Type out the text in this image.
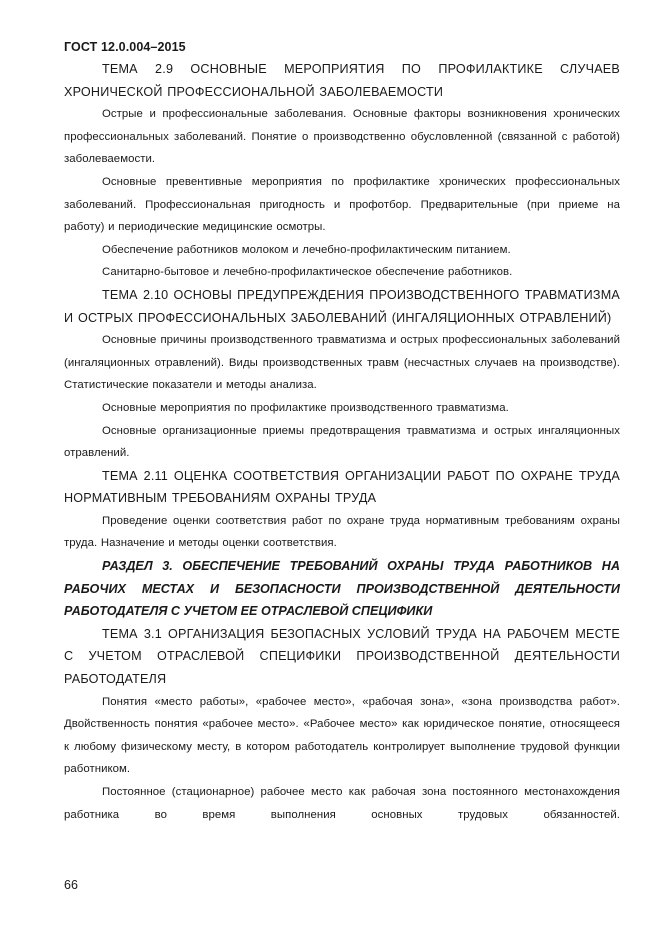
ГОСТ 12.0.004–2015

ТЕМА 2.9 ОСНОВНЫЕ МЕРОПРИЯТИЯ ПО ПРОФИЛАКТИКЕ СЛУЧАЕВ ХРОНИЧЕСКОЙ ПРОФЕССИОНАЛЬНОЙ ЗАБОЛЕВАЕМОСТИ

Острые и профессиональные заболевания. Основные факторы возникновения хронических профессиональных заболеваний. Понятие о производственно обусловленной (связанной с работой) заболеваемости.

Основные превентивные мероприятия по профилактике хронических профессиональных заболеваний. Профессиональная пригодность и профотбор. Предварительные (при приеме на работу) и периодические медицинские осмотры.

Обеспечение работников молоком и лечебно-профилактическим питанием.

Санитарно-бытовое и лечебно-профилактическое обеспечение работников.

ТЕМА 2.10 ОСНОВЫ ПРЕДУПРЕЖДЕНИЯ ПРОИЗВОДСТВЕННОГО ТРАВМАТИЗМА И ОСТРЫХ ПРОФЕССИОНАЛЬНЫХ ЗАБОЛЕВАНИЙ (ИНГАЛЯЦИОННЫХ ОТРАВЛЕНИЙ)

Основные причины производственного травматизма и острых профессиональных заболеваний (ингаляционных отравлений). Виды производственных травм (несчастных случаев на производстве). Статистические показатели и методы анализа.

Основные мероприятия по профилактике производственного травматизма.

Основные организационные приемы предотвращения травматизма и острых ингаляционных отравлений.

ТЕМА 2.11 ОЦЕНКА СООТВЕТСТВИЯ ОРГАНИЗАЦИИ РАБОТ ПО ОХРАНЕ ТРУДА НОРМАТИВНЫМ ТРЕБОВАНИЯМ ОХРАНЫ ТРУДА

Проведение оценки соответствия работ по охране труда нормативным требованиям охраны труда. Назначение и методы оценки соответствия.

РАЗДЕЛ 3. ОБЕСПЕЧЕНИЕ ТРЕБОВАНИЙ ОХРАНЫ ТРУДА РАБОТНИКОВ НА РАБОЧИХ МЕСТАХ И БЕЗОПАСНОСТИ ПРОИЗВОДСТВЕННОЙ ДЕЯТЕЛЬНОСТИ РАБОТОДАТЕЛЯ С УЧЕТОМ ЕЕ ОТРАСЛЕВОЙ СПЕЦИФИКИ

ТЕМА 3.1 ОРГАНИЗАЦИЯ БЕЗОПАСНЫХ УСЛОВИЙ ТРУДА НА РАБОЧЕМ МЕСТЕ С УЧЕТОМ ОТРАСЛЕВОЙ СПЕЦИФИКИ ПРОИЗВОДСТВЕННОЙ ДЕЯТЕЛЬНОСТИ РАБОТОДАТЕЛЯ

Понятия «место работы», «рабочее место», «рабочая зона», «зона производства работ». Двойственность понятия «рабочее место». «Рабочее место» как юридическое понятие, относящееся к любому физическому месту, в котором работодатель контролирует выполнение трудовой функции работником.

Постоянное (стационарное) рабочее место как рабочая зона постоянного местонахождения работника во время выполнения основных трудовых обязанностей.

66
